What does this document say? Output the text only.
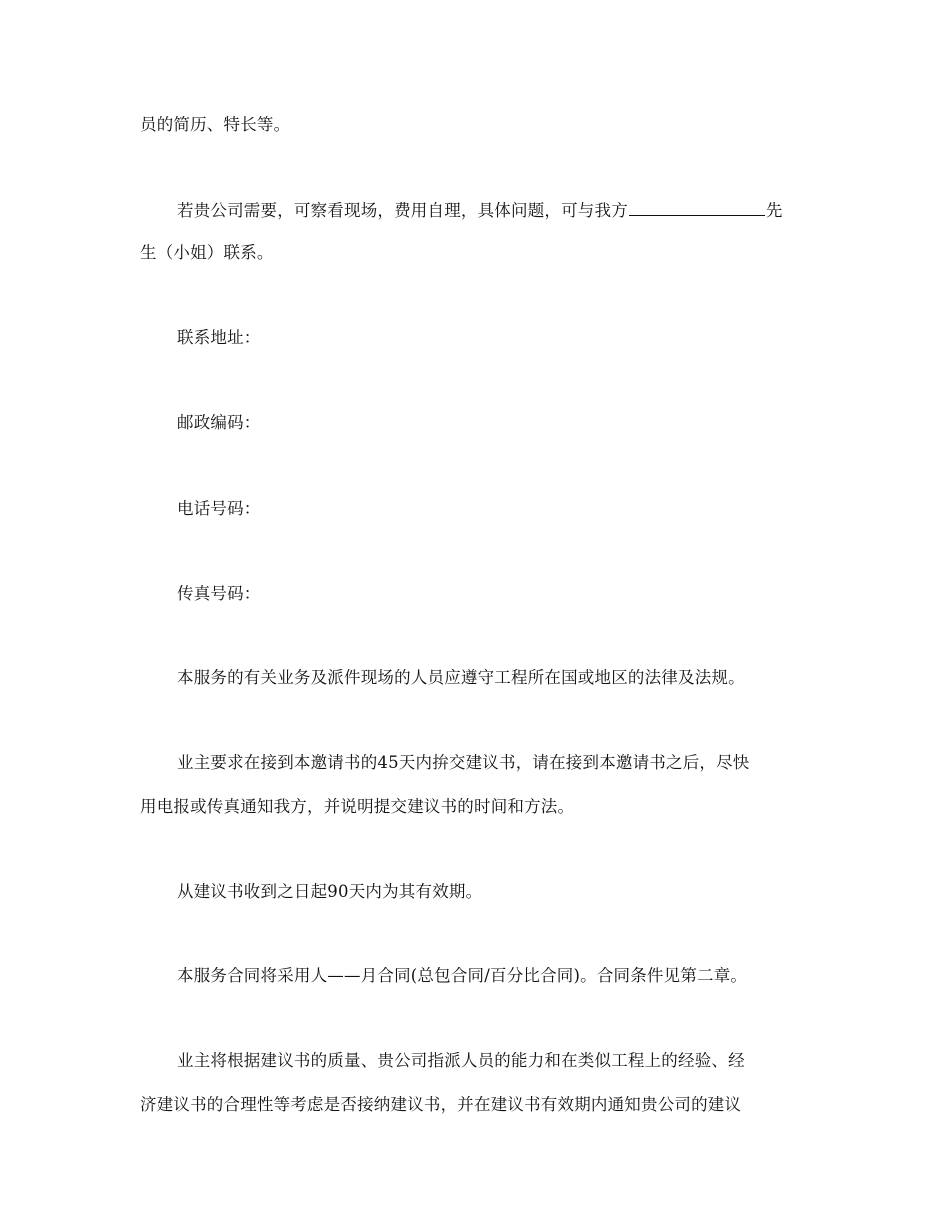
员的简历、特长等。
若贵公司需要，可察看现场，费用自理，具体问题，可与我方	先
生（小姐）联系。
联系地址：
邮政编码：
电话号码：
传真号码：
本服务的有关业务及派件现场的人员应遵守工程所在国或地区的法律及法规。
业主要求在接到本邀请书的45天内拚交建议书，请在接到本邀请书之后，尽快
用电报或传真通知我方，并说明提交建议书的时间和方法。
从建议书收到之日起90天内为其有效期。
本服务合同将采用人——月合同(总包合同/百分比合同)。合同条件见第二章。
业主将根据建议书的质量、贵公司指派人员的能力和在类似工程上的经验、经
济建议书的合理性等考虑是否接纳建议书，并在建议书有效期内通知贵公司的建议
